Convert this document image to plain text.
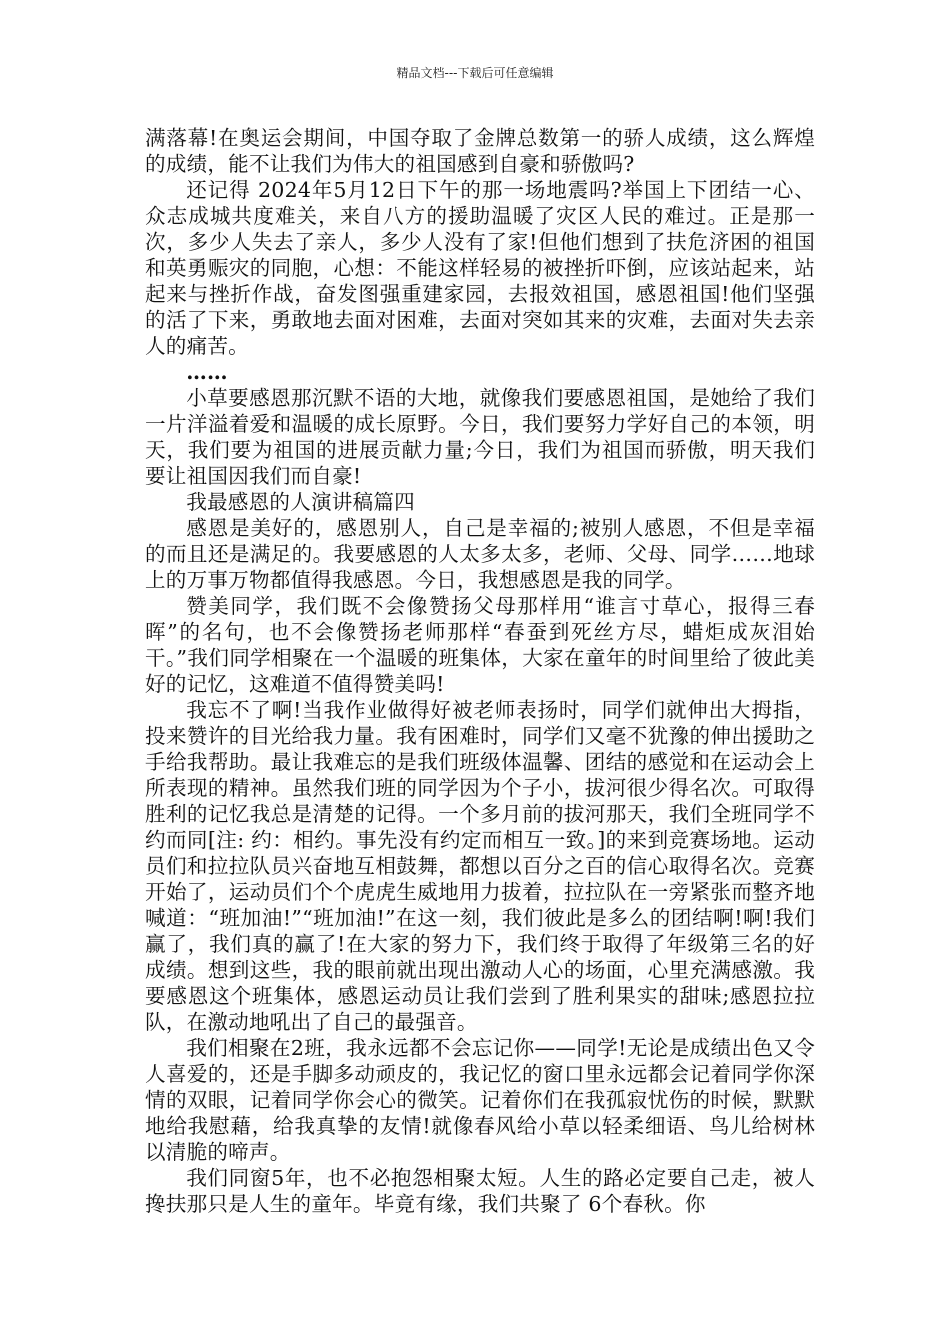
精品文档---下载后可任意编辑

满落幕!在奥运会期间，中国夺取了金牌总数第一的骄人成绩，这么辉煌的成绩，能不让我们为伟大的祖国感到自豪和骄傲吗?

还记得 2024年5月12日下午的那一场地震吗?举国上下团结一心、众志成城共度难关，来自八方的援助温暖了灾区人民的难过。正是那一次，多少人失去了亲人，多少人没有了家!但他们想到了扶危济困的祖国和英勇赈灾的同胞，心想：不能这样轻易的被挫折吓倒，应该站起来，站起来与挫折作战，奋发图强重建家园，去报效祖国，感恩祖国!他们坚强的活了下来，勇敢地去面对困难，去面对突如其来的灾难，去面对失去亲人的痛苦。

……

小草要感恩那沉默不语的大地，就像我们要感恩祖国，是她给了我们一片洋溢着爱和温暖的成长原野。今日，我们要努力学好自己的本领，明天，我们要为祖国的进展贡献力量;今日，我们为祖国而骄傲，明天我们要让祖国因我们而自豪!

我最感恩的人演讲稿篇四

感恩是美好的，感恩别人，自己是幸福的;被别人感恩，不但是幸福的而且还是满足的。我要感恩的人太多太多，老师、父母、同学……地球上的万事万物都值得我感恩。今日，我想感恩是我的同学。

赞美同学，我们既不会像赞扬父母那样用“谁言寸草心，报得三春晖”的名句，也不会像赞扬老师那样“春蚕到死丝方尽，蜡炬成灰泪始干。”我们同学相聚在一个温暖的班集体，大家在童年的时间里给了彼此美好的记忆，这难道不值得赞美吗!

我忘不了啊!当我作业做得好被老师表扬时，同学们就伸出大拇指，投来赞许的目光给我力量。我有困难时，同学们又毫不犹豫的伸出援助之手给我帮助。最让我难忘的是我们班级体温馨、团结的感觉和在运动会上所表现的精神。虽然我们班的同学因为个子小，拔河很少得名次。可取得胜利的记忆我总是清楚的记得。一个多月前的拔河那天，我们全班同学不约而同[注: 约：相约。事先没有约定而相互一致。]的来到竞赛场地。运动员们和拉拉队员兴奋地互相鼓舞，都想以百分之百的信心取得名次。竞赛开始了，运动员们个个虎虎生威地用力拔着，拉拉队在一旁紧张而整齐地喊道：“班加油!”“班加油!”在这一刻，我们彼此是多么的团结啊!啊!我们赢了，我们真的赢了!在大家的努力下，我们终于取得了年级第三名的好成绩。想到这些，我的眼前就出现出激动人心的场面，心里充满感激。我要感恩这个班集体，感恩运动员让我们尝到了胜利果实的甜味;感恩拉拉队，在激动地吼出了自己的最强音。

我们相聚在2班，我永远都不会忘记你——同学!无论是成绩出色又令人喜爱的，还是手脚多动顽皮的，我记忆的窗口里永远都会记着同学你深情的双眼，记着同学你会心的微笑。记着你们在我孤寂忧伤的时候，默默地给我慰藉，给我真挚的友情!就像春风给小草以轻柔细语、鸟儿给树林以清脆的啼声。

我们同窗5年，也不必抱怨相聚太短。人生的路必定要自己走，被人搀扶那只是人生的童年。毕竟有缘，我们共聚了 6个春秋。你
